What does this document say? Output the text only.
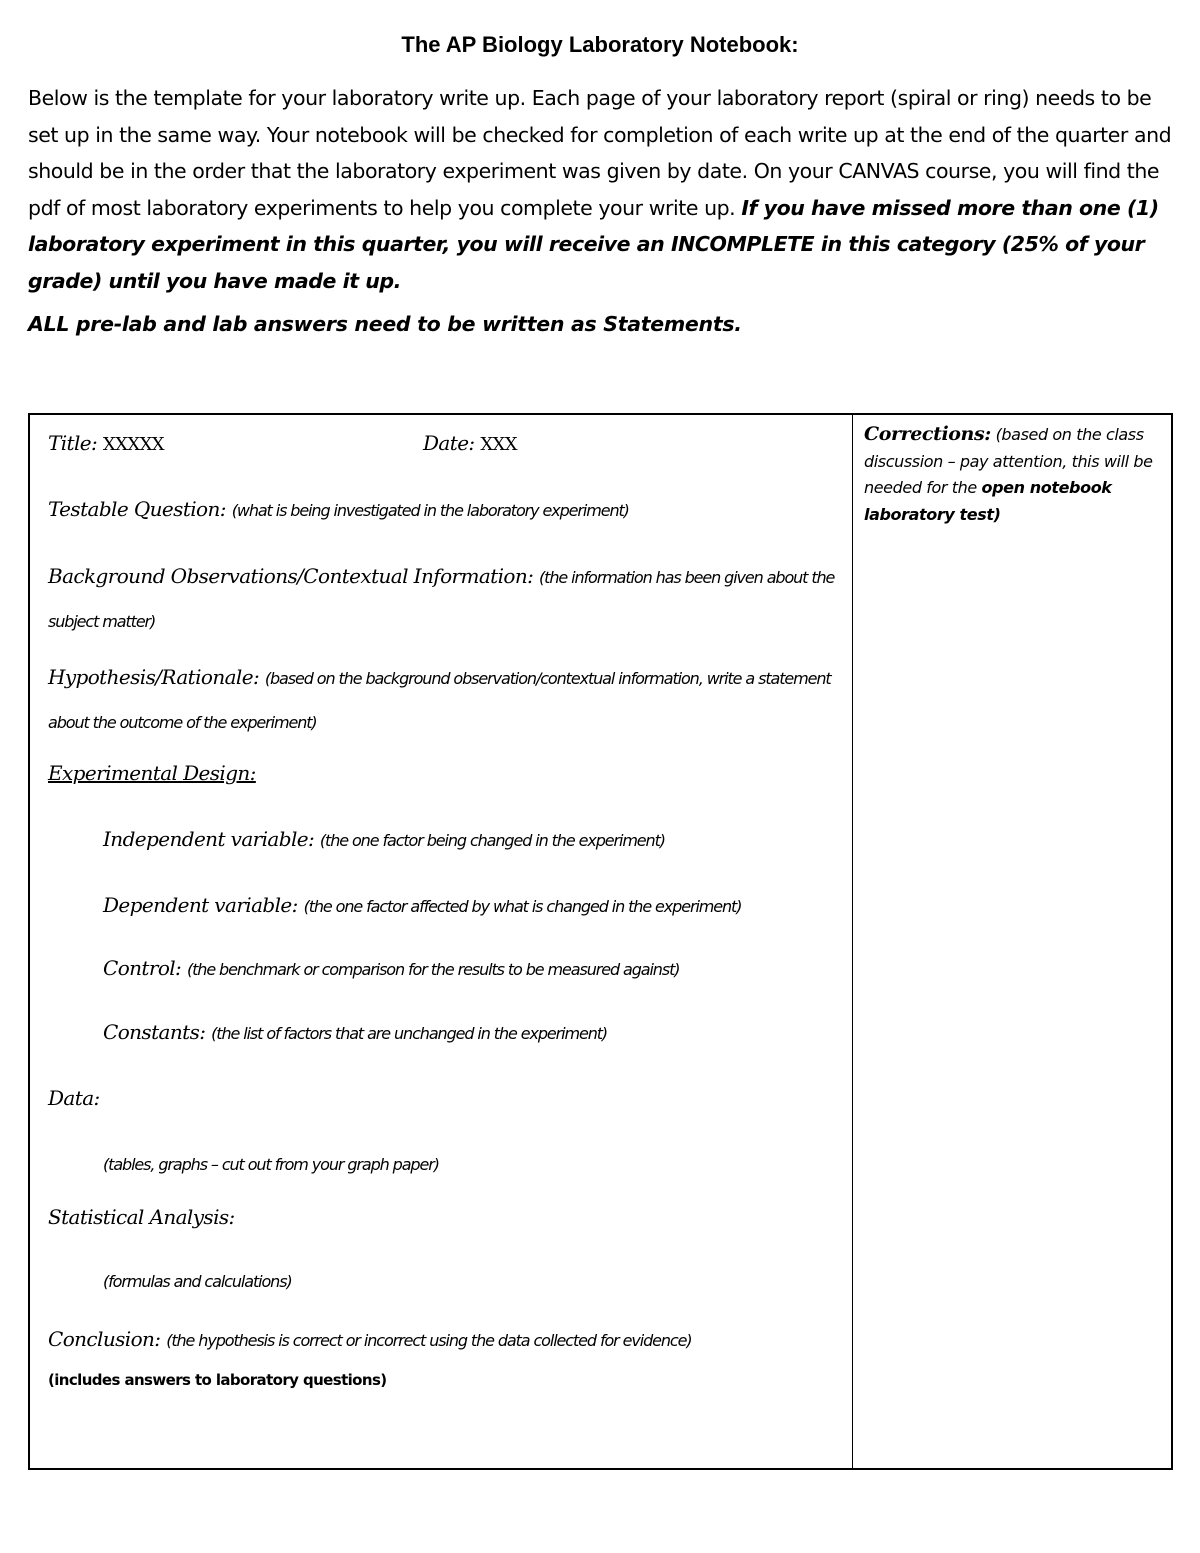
The AP Biology Laboratory Notebook:

Below is the template for your laboratory write up. Each page of your laboratory report (spiral or ring) needs to be set up in the same way. Your notebook will be checked for completion of each write up at the end of the quarter and should be in the order that the laboratory experiment was given by date. On your CANVAS course, you will find the pdf of most laboratory experiments to help you complete your write up. If you have missed more than one (1) laboratory experiment in this quarter, you will receive an INCOMPLETE in this category (25% of your grade) until you have made it up.

ALL pre-lab and lab answers need to be written as Statements.

Title: XXXXX	Date: XXX
Testable Question: (what is being investigated in the laboratory experiment)
Background Observations/Contextual Information: (the information has been given about the subject matter)
Hypothesis/Rationale: (based on the background observation/contextual information, write a statement about the outcome of the experiment)
Experimental Design:
Independent variable: (the one factor being changed in the experiment)
Dependent variable: (the one factor affected by what is changed in the experiment)
Control: (the benchmark or comparison for the results to be measured against)
Constants: (the list of factors that are unchanged in the experiment)
Data:
(tables, graphs – cut out from your graph paper)
Statistical Analysis:
(formulas and calculations)
Conclusion: (the hypothesis is correct or incorrect using the data collected for evidence)
(includes answers to laboratory questions)
Corrections: (based on the class discussion – pay attention, this will be needed for the open notebook laboratory test)
